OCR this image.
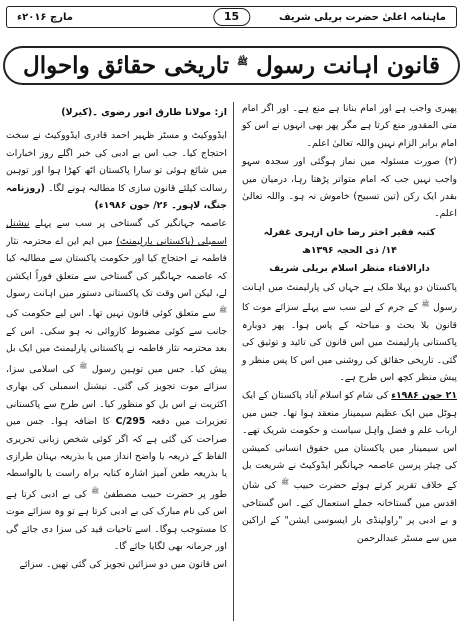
ماہنامہ اعلیٰ حضرت بریلی شریف
15
مارچ ۲۰۱۶ء
قانون اہانت رسول $^ﷺ$ تاریخی حقائق واحوال

پھیری واجب ہے اور امام بنانا ہے منع ہے۔ اور اگر امام متی المقدور منع کرتا ہے مگر پھر بھی انہوں نے اس کو امام برابر الزام نہیں واللہ تعالیٰ اعلم۔

(۲) صورت مسئولہ میں نماز ہوگئی اور سجدہ سہو واجب نہیں جب کہ امام متواتر پڑھتا رہا، درمیان میں بقدر ایک رکن (تین تسبیح) خاموش نہ ہو۔ واللہ تعالیٰ اعلم۔

کتبہ فقیر اختر رضا خاں ازہری غفرلہ
۱۴/ ذی الحجہ ۱۳۹۶ھ
دارالافتاء منظر اسلام بریلی شریف

پاکستان دو پہلا ملک ہے جہاں کی پارلیمنٹ میں اہانت رسول $^ﷺ$ کے جرم کے لیے سب سے پہلے سزائے موت کا قانون بلا بحث و مباحثہ کے پاس ہوا۔ پھر دوبارہ پاکستانی پارلیمنٹ میں اس قانون کی تائید و توثیق کی گئی۔ تاریخی حقائق کی روشنی میں اس کا پس منظر و پیش منظر کچھ اس طرح ہے۔

۲۱ جون ۱۹۸۶ء کی شام کو اسلام آباد پاکستان کے ایک ہوٹل میں ایک عظیم سیمینار منعقد ہوا تھا۔ جس میں ارباب علم و فضل واہل سیاست و حکومت شریک تھے۔ اس سیمینار میں پاکستان میں حقوق انسانی کمیشن کی چیئر پرسن عاصمہ جہانگیر ایڈوکیٹ نے شریعت بل کے خلاف تقریر کرتے ہوئے حضرت حبیب $^ﷺ$ کی شان اقدس میں گستاخانہ جملے استعمال کیے۔ اس گستاخی و بے ادبی پر "راولپنڈی بار ایسوسی ایشن" کے اراکین میں سے مسٹر عبدالرحمن

از: مولانا طارق انور رضوی ۔(کیرلا)

ایڈووکیٹ و مسٹر ظہیر احمد قادری ایڈووکیٹ نے سخت احتجاج کیا۔ جب اس بے ادبی کی خبر اگلے روز اخبارات میں شائع ہوئی تو سارا پاکستان اٹھ کھڑا ہوا اور توہین رسالت کیلئے قانون سازی کا مطالبہ ہونے لگا۔ (روزنامہ جنگ، لاہور۔ ۲۶/ جون ۱۹۸۶ء)

عاصمہ جہانگیر کی گستاخی پر سب سے پہلے نیشنل اسمبلی (پاکستانی پارلیمنٹ) میں ایم این اے محترمہ نثار فاطمہ نے احتجاج کیا اور حکومت پاکستان سے مطالبہ کیا کہ عاصمہ جہانگیر کی گستاخی سے متعلق فوراً ایکشن لے، لیکن اس وقت تک پاکستانی دستور میں اہانت رسول $^ﷺ$ سے متعلق کوئی قانون نہیں تھا۔ اس لیے حکومت کی جانب سے کوئی مضبوط کاروائی نہ ہو سکی۔ اس کے بعد محترمہ نثار فاطمہ نے پاکستانی پارلیمنٹ میں ایک بل پیش کیا۔ جس میں توہین رسول $^ﷺ$ کی اسلامی سزا، سزائے موت تجویز کی گئی۔ نیشنل اسمبلی کی بھاری اکثریت نے اس بل کو منظور کیا۔ اس طرح سے پاکستانی تعزیرات میں دفعہ C/295 کا اضافہ ہوا۔ جس میں صراحت کی گئی ہے کہ اگر کوئی شخص زبانی تحریری الفاظ کے ذریعہ یا واضح انداز میں یا بذریعہ بہتان طرازی یا بذریعہ طعن آمیز اشارہ کنایہ براہ راست یا بالواسطہ طور پر حضرت حبیب مصطفیٰ $^ﷺ$ کی بے ادبی کرتا ہے اس کی نام مبارک کی بے ادبی کرتا ہے تو وہ سزائے موت کا مستوجب ہوگا۔ اسے تاحیات قید کی سزا دی جائے گی اور جرمانہ بھی لگایا جائے گا۔

اس قانون میں دو سزائیں تجویز کی گئی تھیں۔ سزائے
